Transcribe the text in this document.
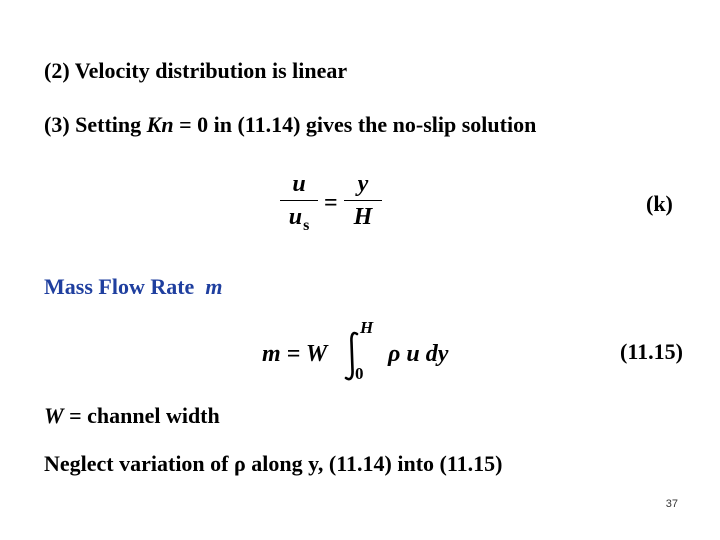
(2) Velocity distribution is linear
(3) Setting Kn = 0 in (11.14) gives the no-slip solution
u
$u_s$
=
y
H
(k)
Mass Flow Rate m
m = W
H
0
ρ u dy	(11.15)
W = channel width
Neglect variation of ρ along y, (11.14) into (11.15)
37
